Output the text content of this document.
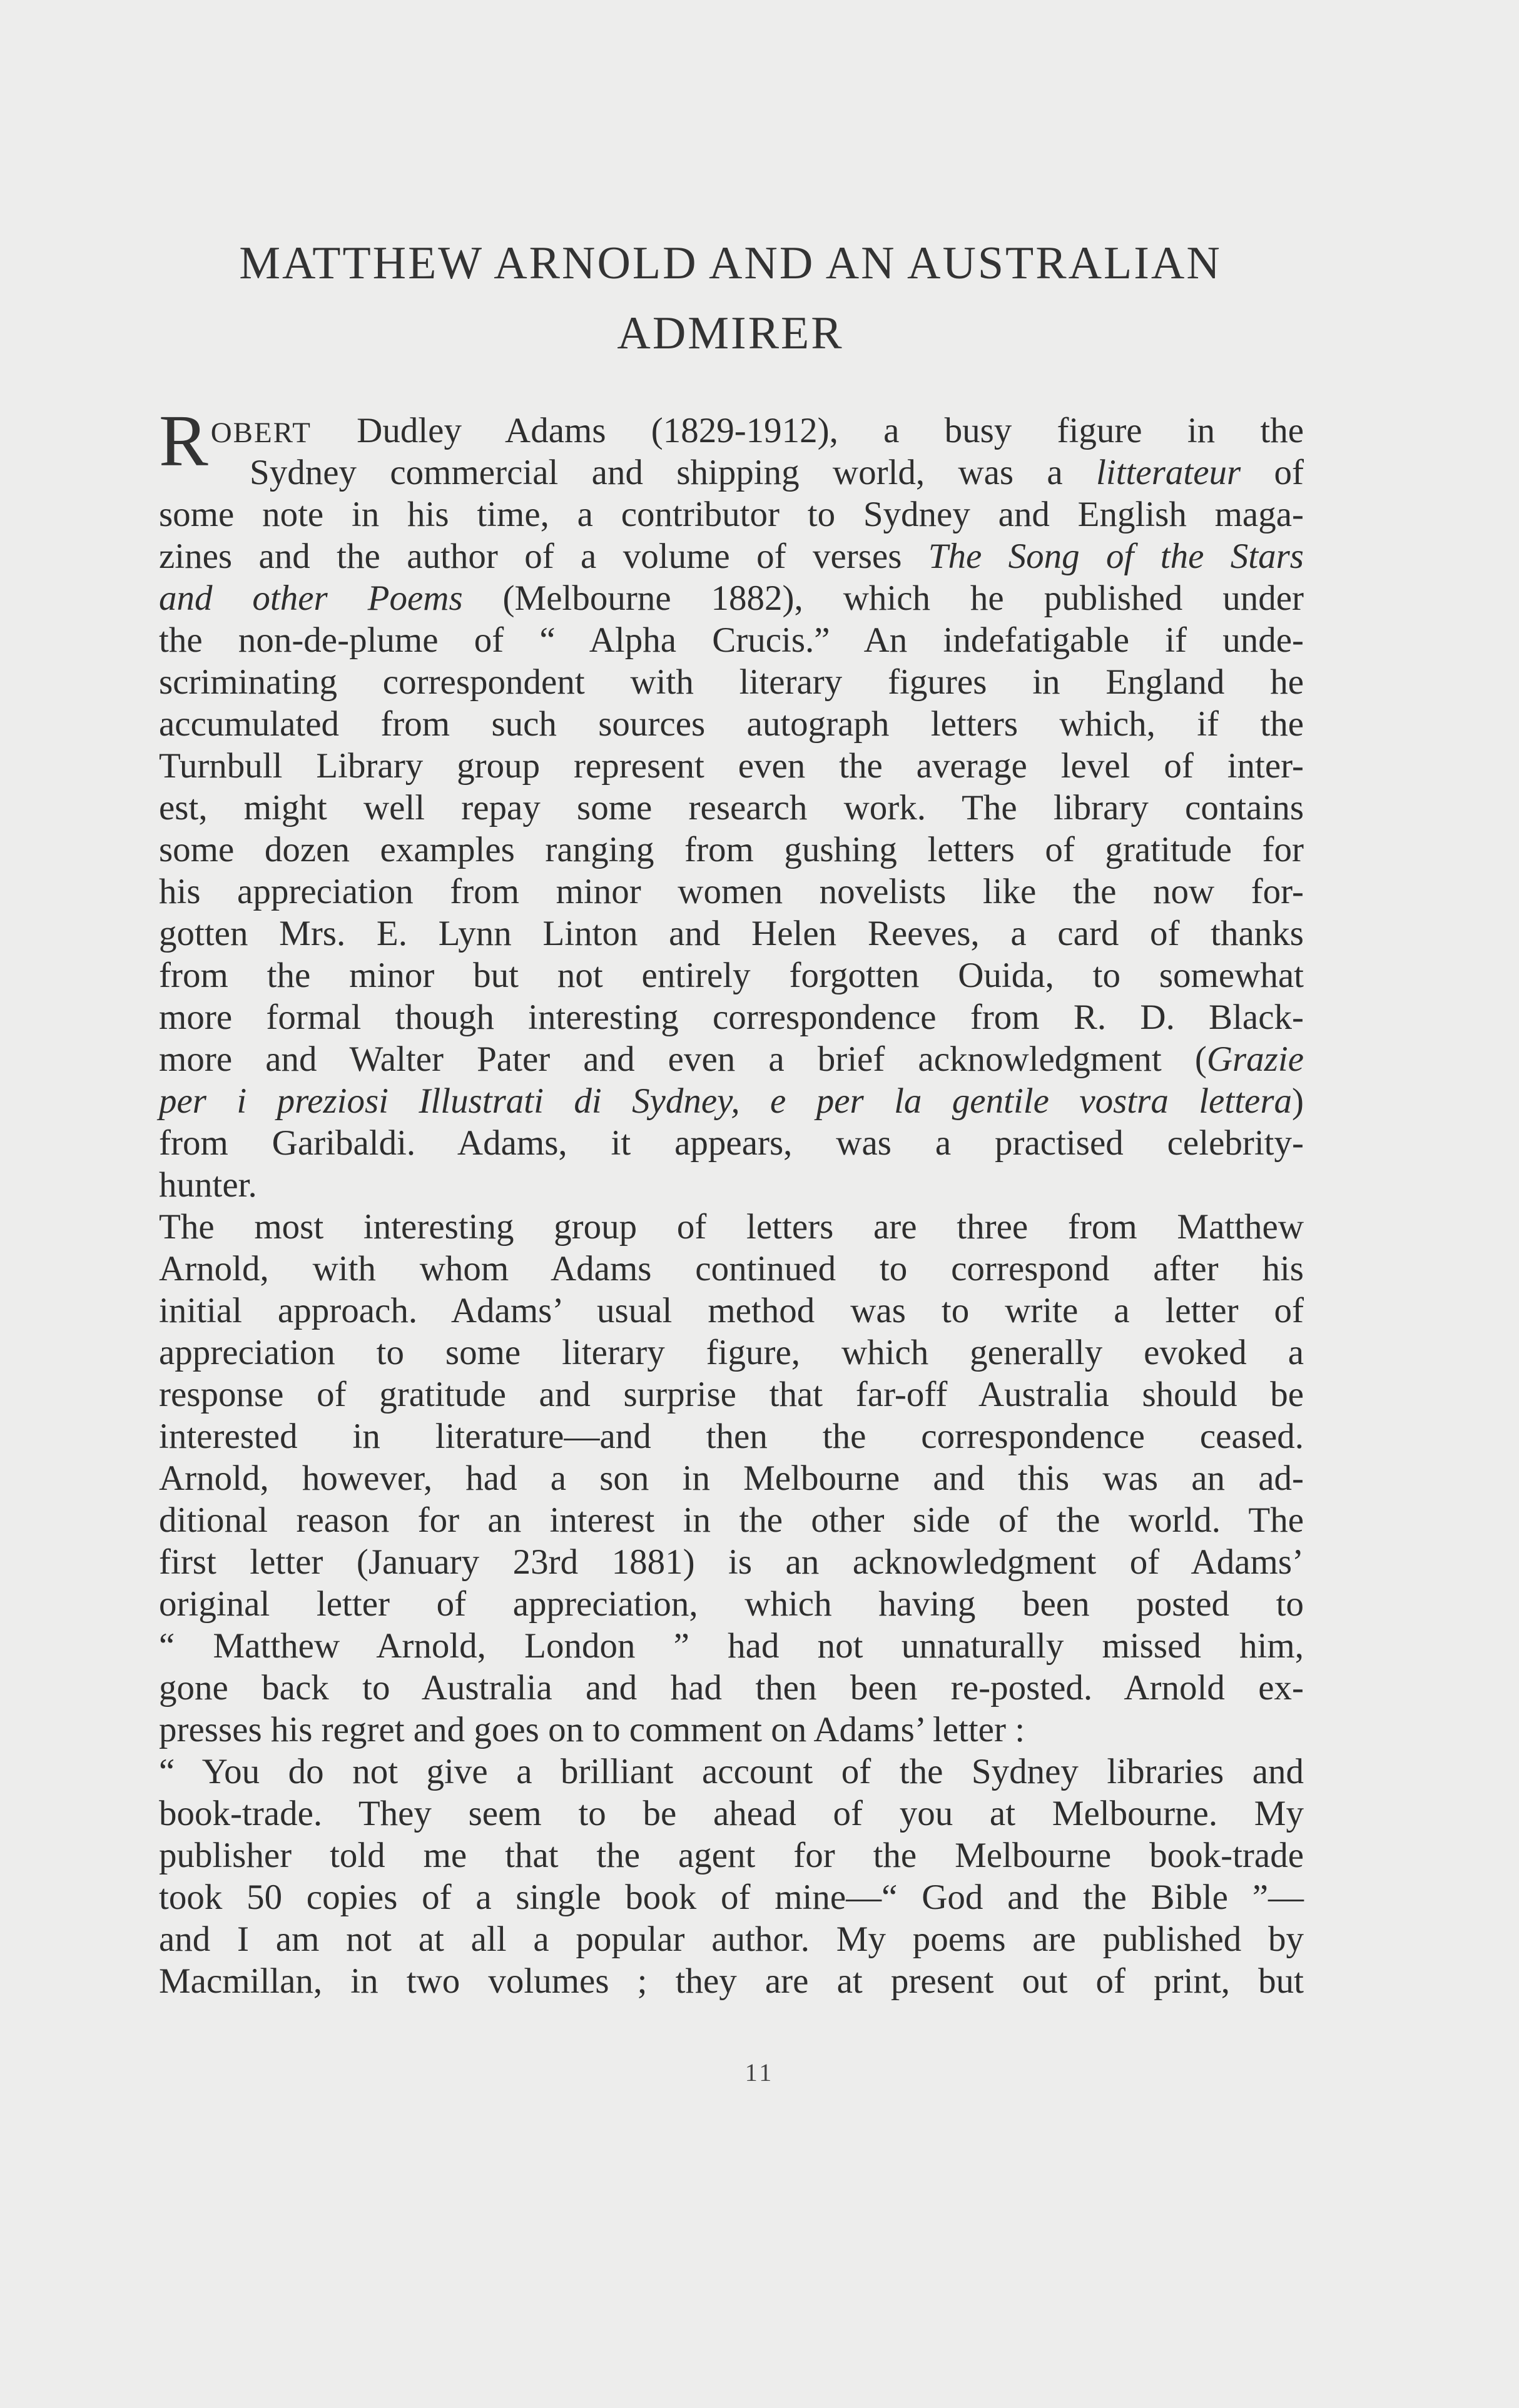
MATTHEW ARNOLD AND AN AUSTRALIAN
ADMIRER
ROBERT Dudley Adams (1829-1912), a busy figure in the
Sydney commercial and shipping world, was a litterateur of
some note in his time, a contributor to Sydney and English maga-
zines and the author of a volume of verses The Song of the Stars
and other Poems (Melbourne 1882), which he published under
the non-de-plume of “ Alpha Crucis.” An indefatigable if unde-
scriminating correspondent with literary figures in England he
accumulated from such sources autograph letters which, if the
Turnbull Library group represent even the average level of inter-
est, might well repay some research work. The library contains
some dozen examples ranging from gushing letters of gratitude for
his appreciation from minor women novelists like the now for-
gotten Mrs. E. Lynn Linton and Helen Reeves, a card of thanks
from the minor but not entirely forgotten Ouida, to somewhat
more formal though interesting correspondence from R. D. Black-
more and Walter Pater and even a brief acknowledgment (Grazie
per i preziosi Illustrati di Sydney, e per la gentile vostra lettera)
from Garibaldi. Adams, it appears, was a practised celebrity-
hunter.
The most interesting group of letters are three from Matthew
Arnold, with whom Adams continued to correspond after his
initial approach. Adams’ usual method was to write a letter of
appreciation to some literary figure, which generally evoked a
response of gratitude and surprise that far-off Australia should be
interested in literature—and then the correspondence ceased.
Arnold, however, had a son in Melbourne and this was an ad-
ditional reason for an interest in the other side of the world. The
first letter (January 23rd 1881) is an acknowledgment of Adams’
original letter of appreciation, which having been posted to
“ Matthew Arnold, London ” had not unnaturally missed him,
gone back to Australia and had then been re-posted. Arnold ex-
presses his regret and goes on to comment on Adams’ letter :
“ You do not give a brilliant account of the Sydney libraries and
book-trade. They seem to be ahead of you at Melbourne. My
publisher told me that the agent for the Melbourne book-trade
took 50 copies of a single book of mine—“ God and the Bible ”—
and I am not at all a popular author. My poems are published by
Macmillan, in two volumes ; they are at present out of print, but
11
